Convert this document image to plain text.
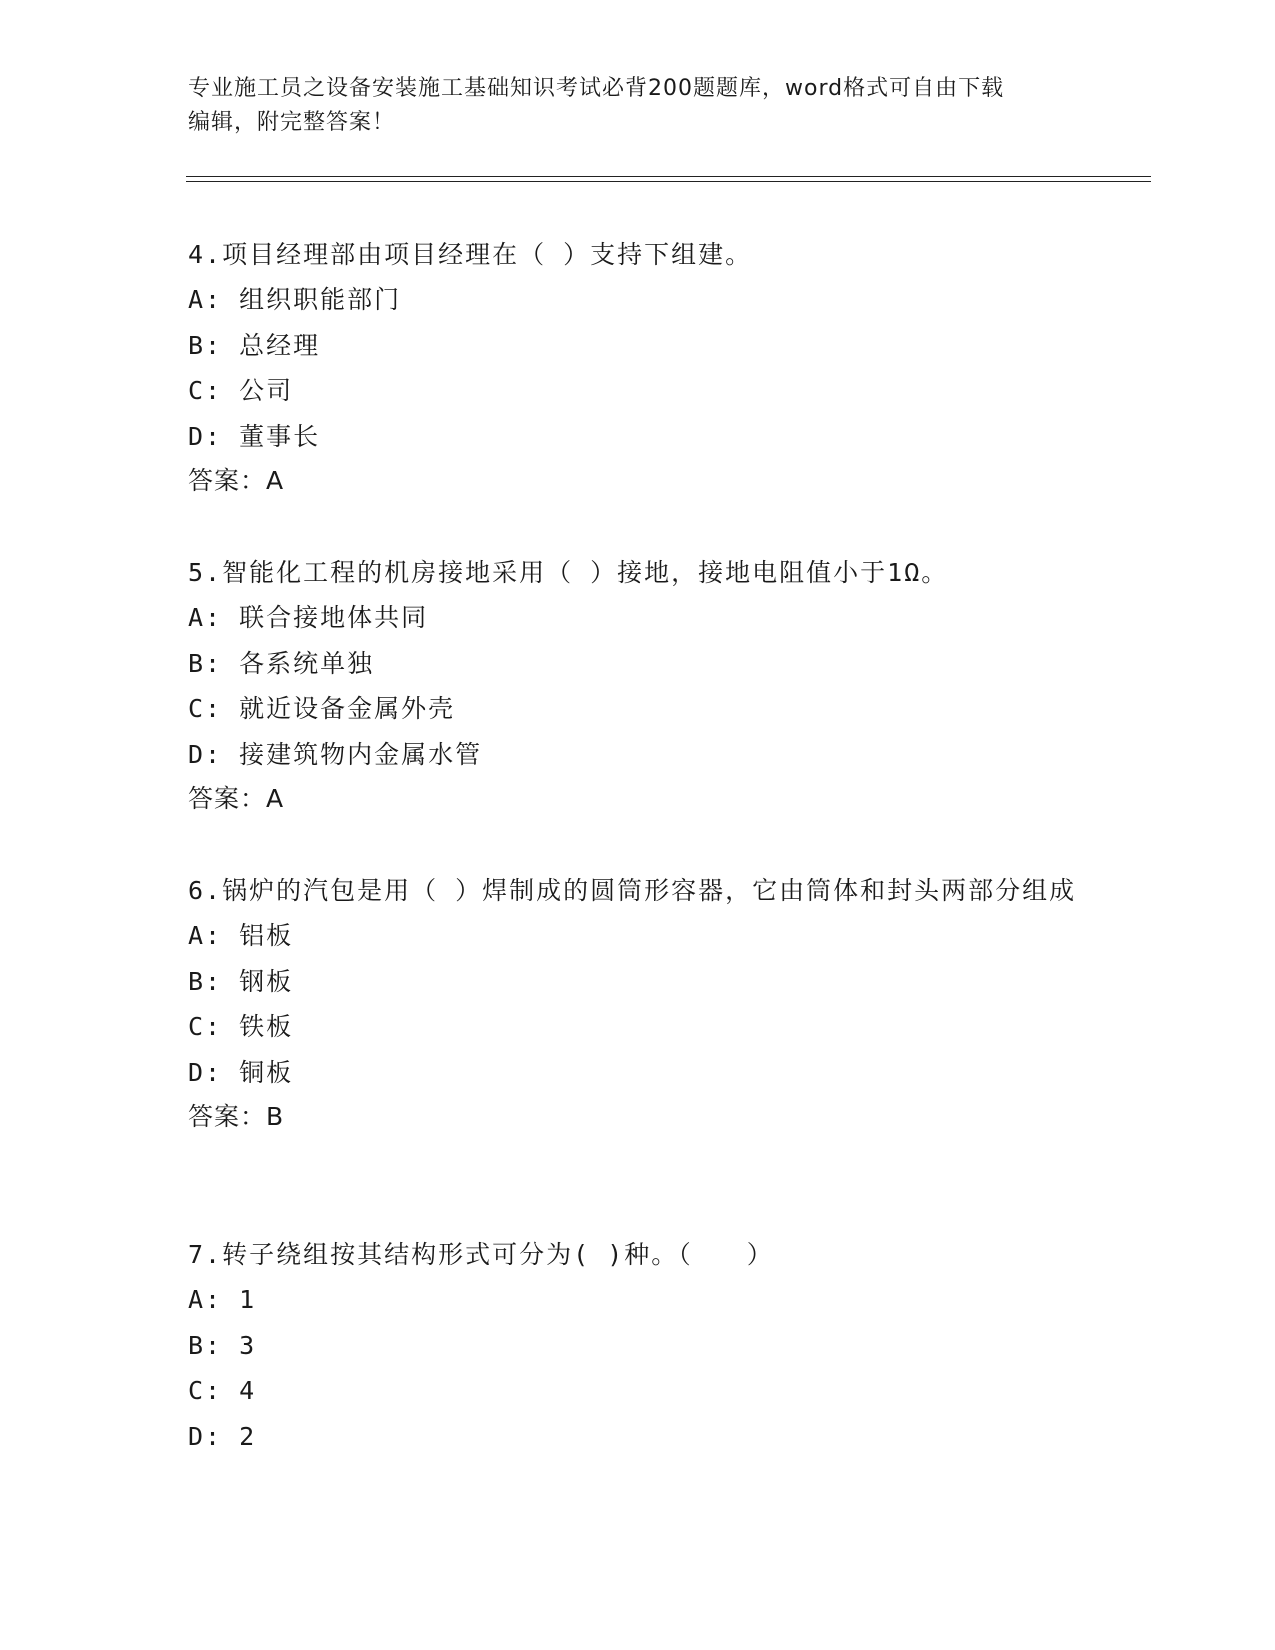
专业施工员之设备安装施工基础知识考试必背200题题库，word格式可自由下载
编辑，附完整答案！

4.项目经理部由项目经理在（ ）支持下组建。

A: 组织职能部门

B: 总经理

C: 公司

D: 董事长

答案：A

5.智能化工程的机房接地采用（ ）接地，接地电阻值小于1Ω。

A: 联合接地体共同

B: 各系统单独

C: 就近设备金属外壳

D: 接建筑物内金属水管

答案：A

6.锅炉的汽包是用（ ）焊制成的圆筒形容器，它由筒体和封头两部分组成

A: 铝板

B: 钢板

C: 铁板

D: 铜板

答案：B

7.转子绕组按其结构形式可分为( )种。（　　）

A: 1

B: 3

C: 4

D: 2
